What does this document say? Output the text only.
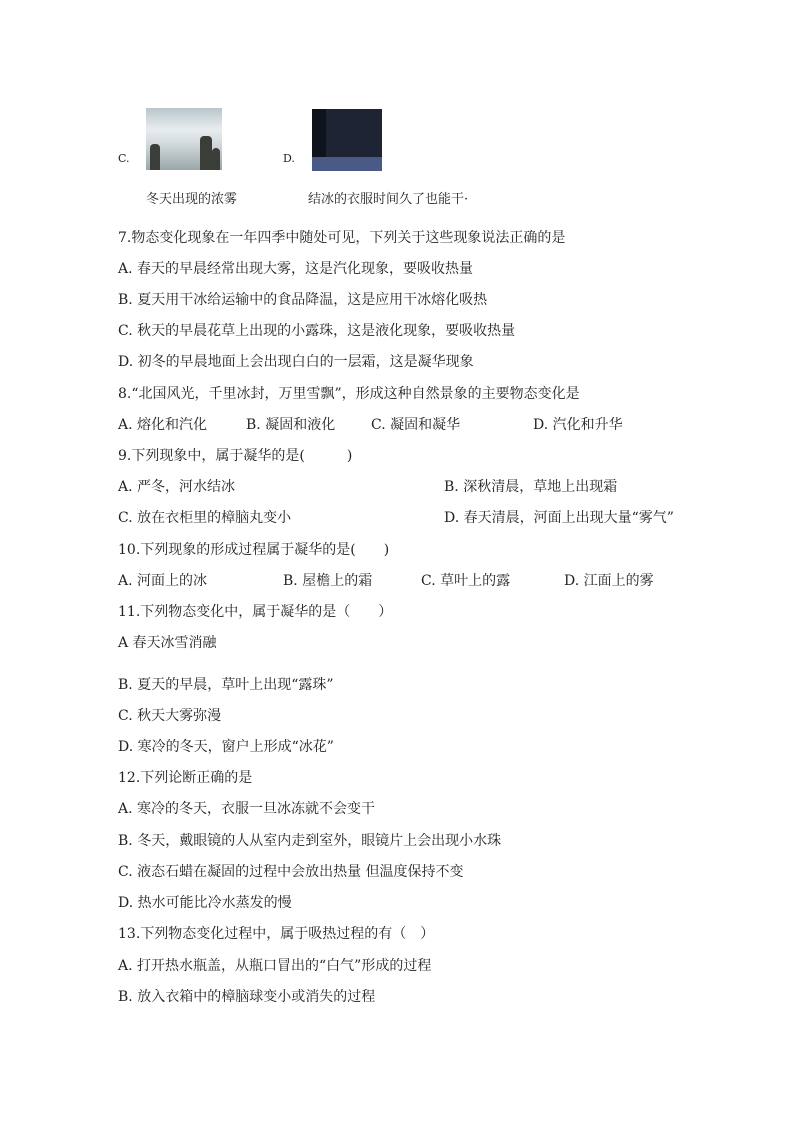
C.	D.
冬天出现的浓雾	结冰的衣服时间久了也能干·
7.物态变化现象在一年四季中随处可见，下列关于这些现象说法正确的是
A. 春天的早晨经常出现大雾，这是汽化现象，要吸收热量
B. 夏天用干冰给运输中的食品降温，这是应用干冰熔化吸热
C. 秋天的早晨花草上出现的小露珠，这是液化现象，要吸收热量
D. 初冬的早晨地面上会出现白白的一层霜，这是凝华现象
8.“北国风光，千里冰封，万里雪飘”，形成这种自然景象的主要物态变化是
A. 熔化和汽化	B. 凝固和液化	C. 凝固和凝华	D. 汽化和升华
9.下列现象中，属于凝华的是(　　　)
A. 严冬，河水结冰	B. 深秋清晨，草地上出现霜
C. 放在衣柜里的樟脑丸变小	D. 春天清晨，河面上出现大量“雾气”
10.下列现象的形成过程属于凝华的是(　　)
A. 河面上的冰	B. 屋檐上的霜	C. 草叶上的露	D. 江面上的雾
11.下列物态变化中，属于凝华的是（　　）
A 春天冰雪消融
B. 夏天的早晨，草叶上出现“露珠”
C. 秋天大雾弥漫
D. 寒冷的冬天，窗户上形成“冰花”
12.下列论断正确的是
A. 寒冷的冬天，衣服一旦冰冻就不会变干
B. 冬天，戴眼镜的人从室内走到室外，眼镜片上会出现小水珠
C. 液态石蜡在凝固的过程中会放出热量 但温度保持不变
D. 热水可能比冷水蒸发的慢
13.下列物态变化过程中，属于吸热过程的有（　）
A. 打开热水瓶盖，从瓶口冒出的“白气”形成的过程
B. 放入衣箱中的樟脑球变小或消失的过程
